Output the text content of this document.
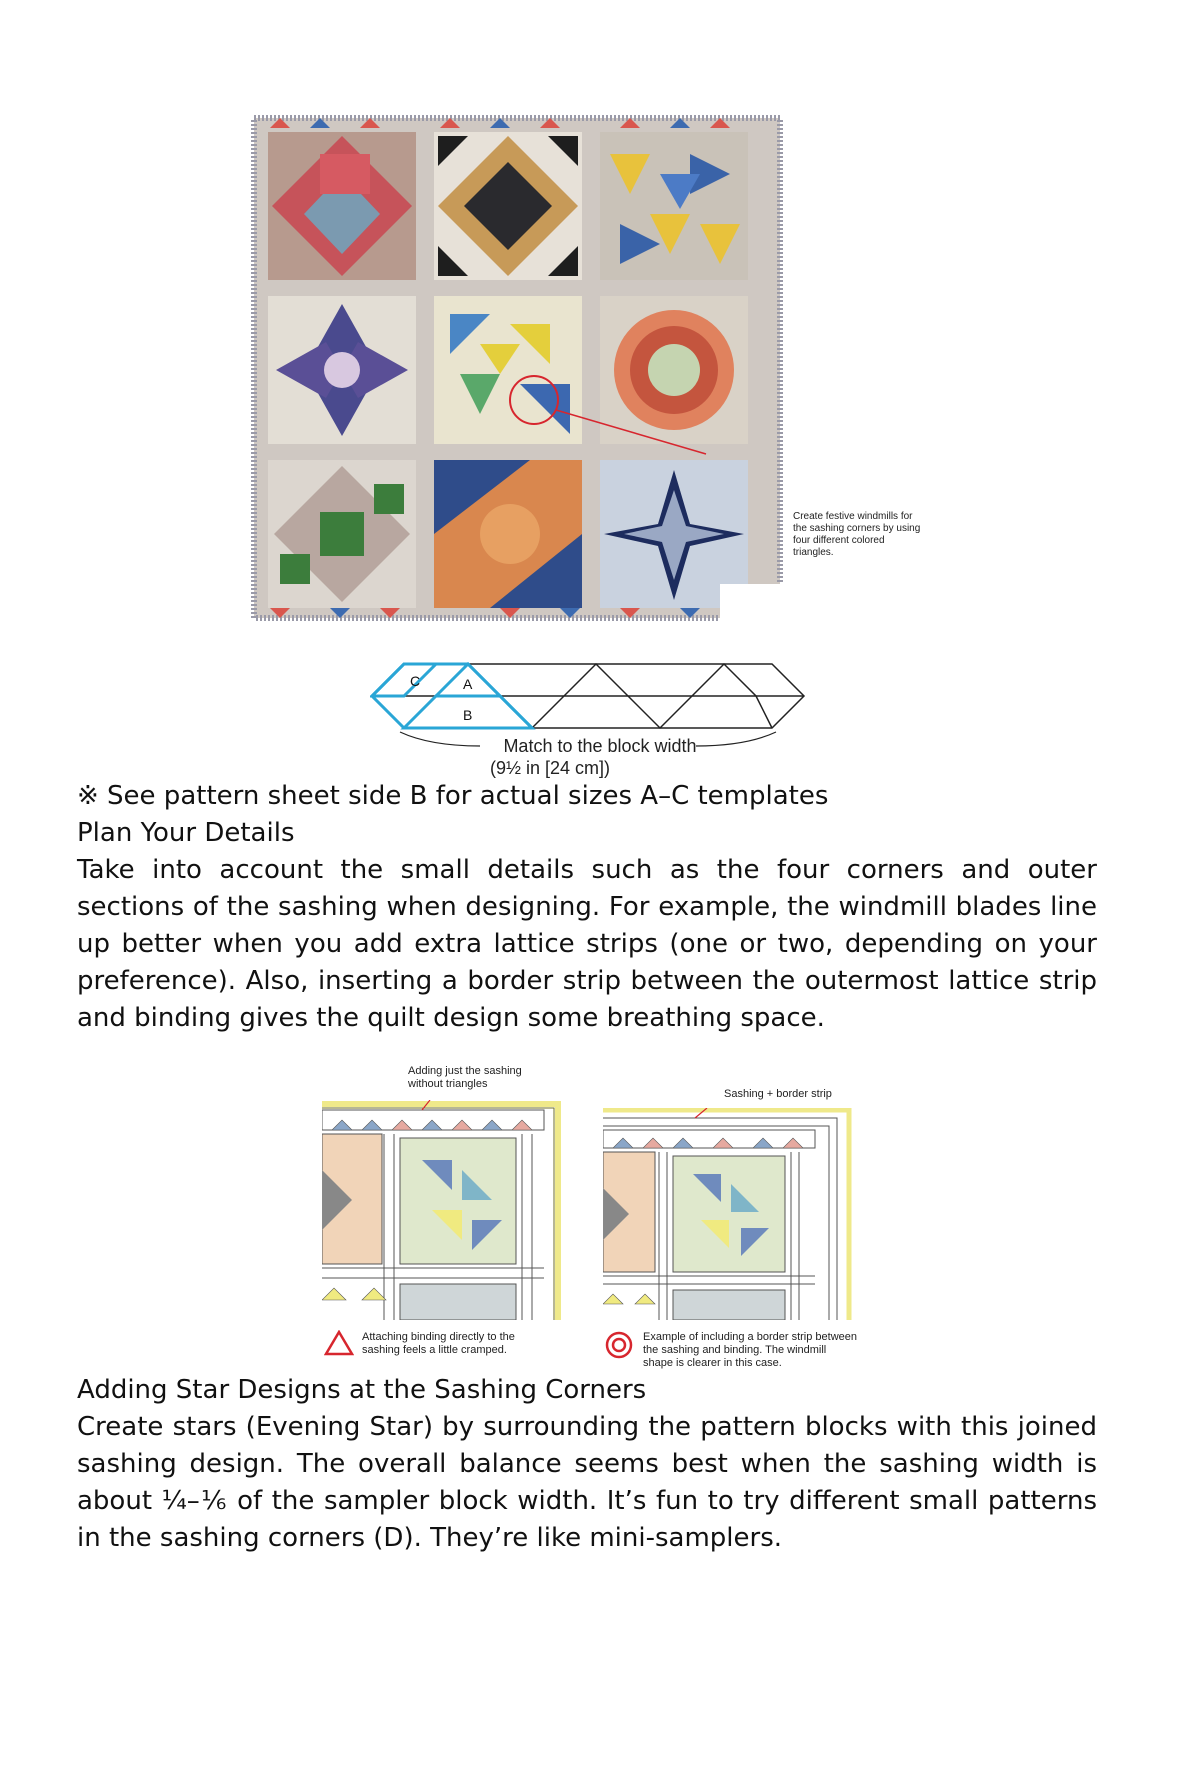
Create festive windmills for the sashing corners by using four different colored triangles.
C	A
B
Match to the block width
(9½ in [24 cm])
※ See pattern sheet side B for actual sizes A–C templates
Plan Your Details
Take into account the small details such as the four corners and outer sections of the sashing when designing. For example, the windmill blades line up better when you add extra lattice strips (one or two, depending on your preference). Also, inserting a border strip between the outermost lattice strip and binding gives the quilt design some breathing space.
Adding just the sashing without triangles
Sashing + border strip
Attaching binding directly to the sashing feels a little cramped.
Example of including a border strip between the sashing and binding. The windmill shape is clearer in this case.
Adding Star Designs at the Sashing Corners
Create stars (Evening Star) by surrounding the pattern blocks with this joined sashing design. The overall balance seems best when the sashing width is about ¼–⅙ of the sampler block width. It’s fun to try different small patterns in the sashing corners (D). They’re like mini-samplers.
